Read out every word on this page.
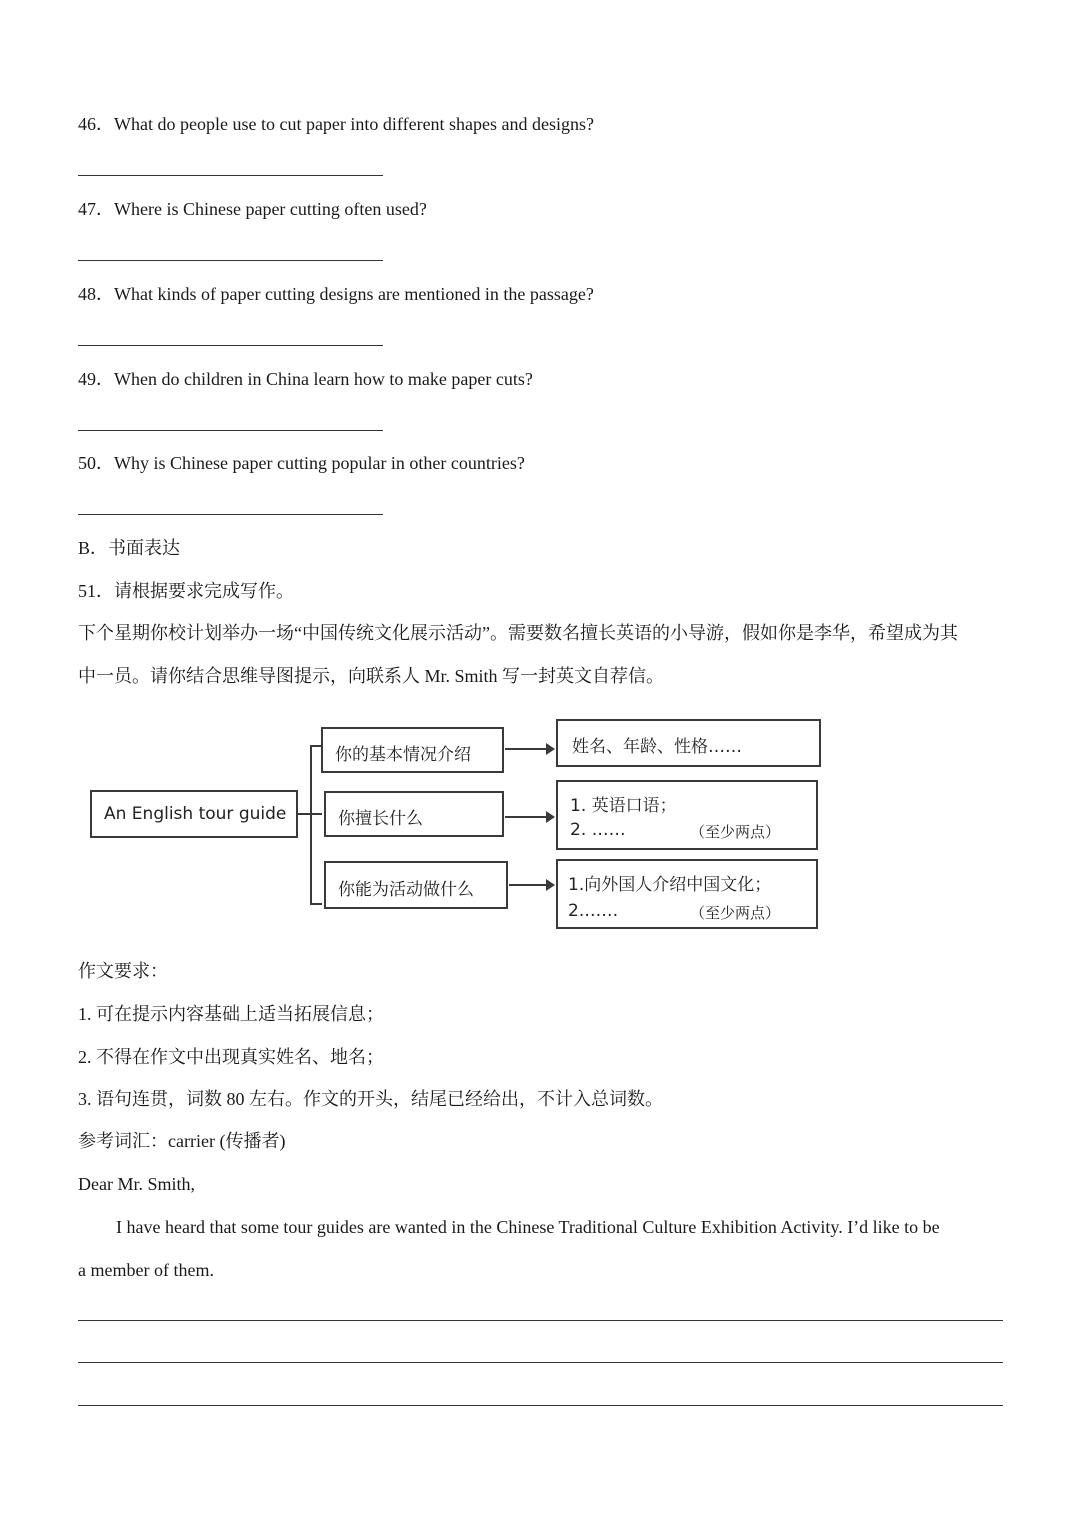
46．What do people use to cut paper into different shapes and designs?
47．Where is Chinese paper cutting often used?
48．What kinds of paper cutting designs are mentioned in the passage?
49．When do children in China learn how to make paper cuts?
50．Why is Chinese paper cutting popular in other countries?
B．书面表达
51．请根据要求完成写作。
下个星期你校计划举办一场“中国传统文化展示活动”。需要数名擅长英语的小导游，假如你是李华，希望成为其
中一员。请你结合思维导图提示，向联系人 Mr. Smith 写一封英文自荐信。
An English tour guide
你的基本情况介绍
你擅长什么
你能为活动做什么
姓名、年龄、性格……
1. 英语口语；
2. ……	（至少两点）
1.向外国人介绍中国文化；
2.……	（至少两点）
作文要求：
1. 可在提示内容基础上适当拓展信息；
2. 不得在作文中出现真实姓名、地名；
3. 语句连贯，词数 80 左右。作文的开头，结尾已经给出，不计入总词数。
参考词汇：carrier (传播者)
Dear Mr. Smith,
I have heard that some tour guides are wanted in the Chinese Traditional Culture Exhibition Activity. I’d like to be
a member of them.
